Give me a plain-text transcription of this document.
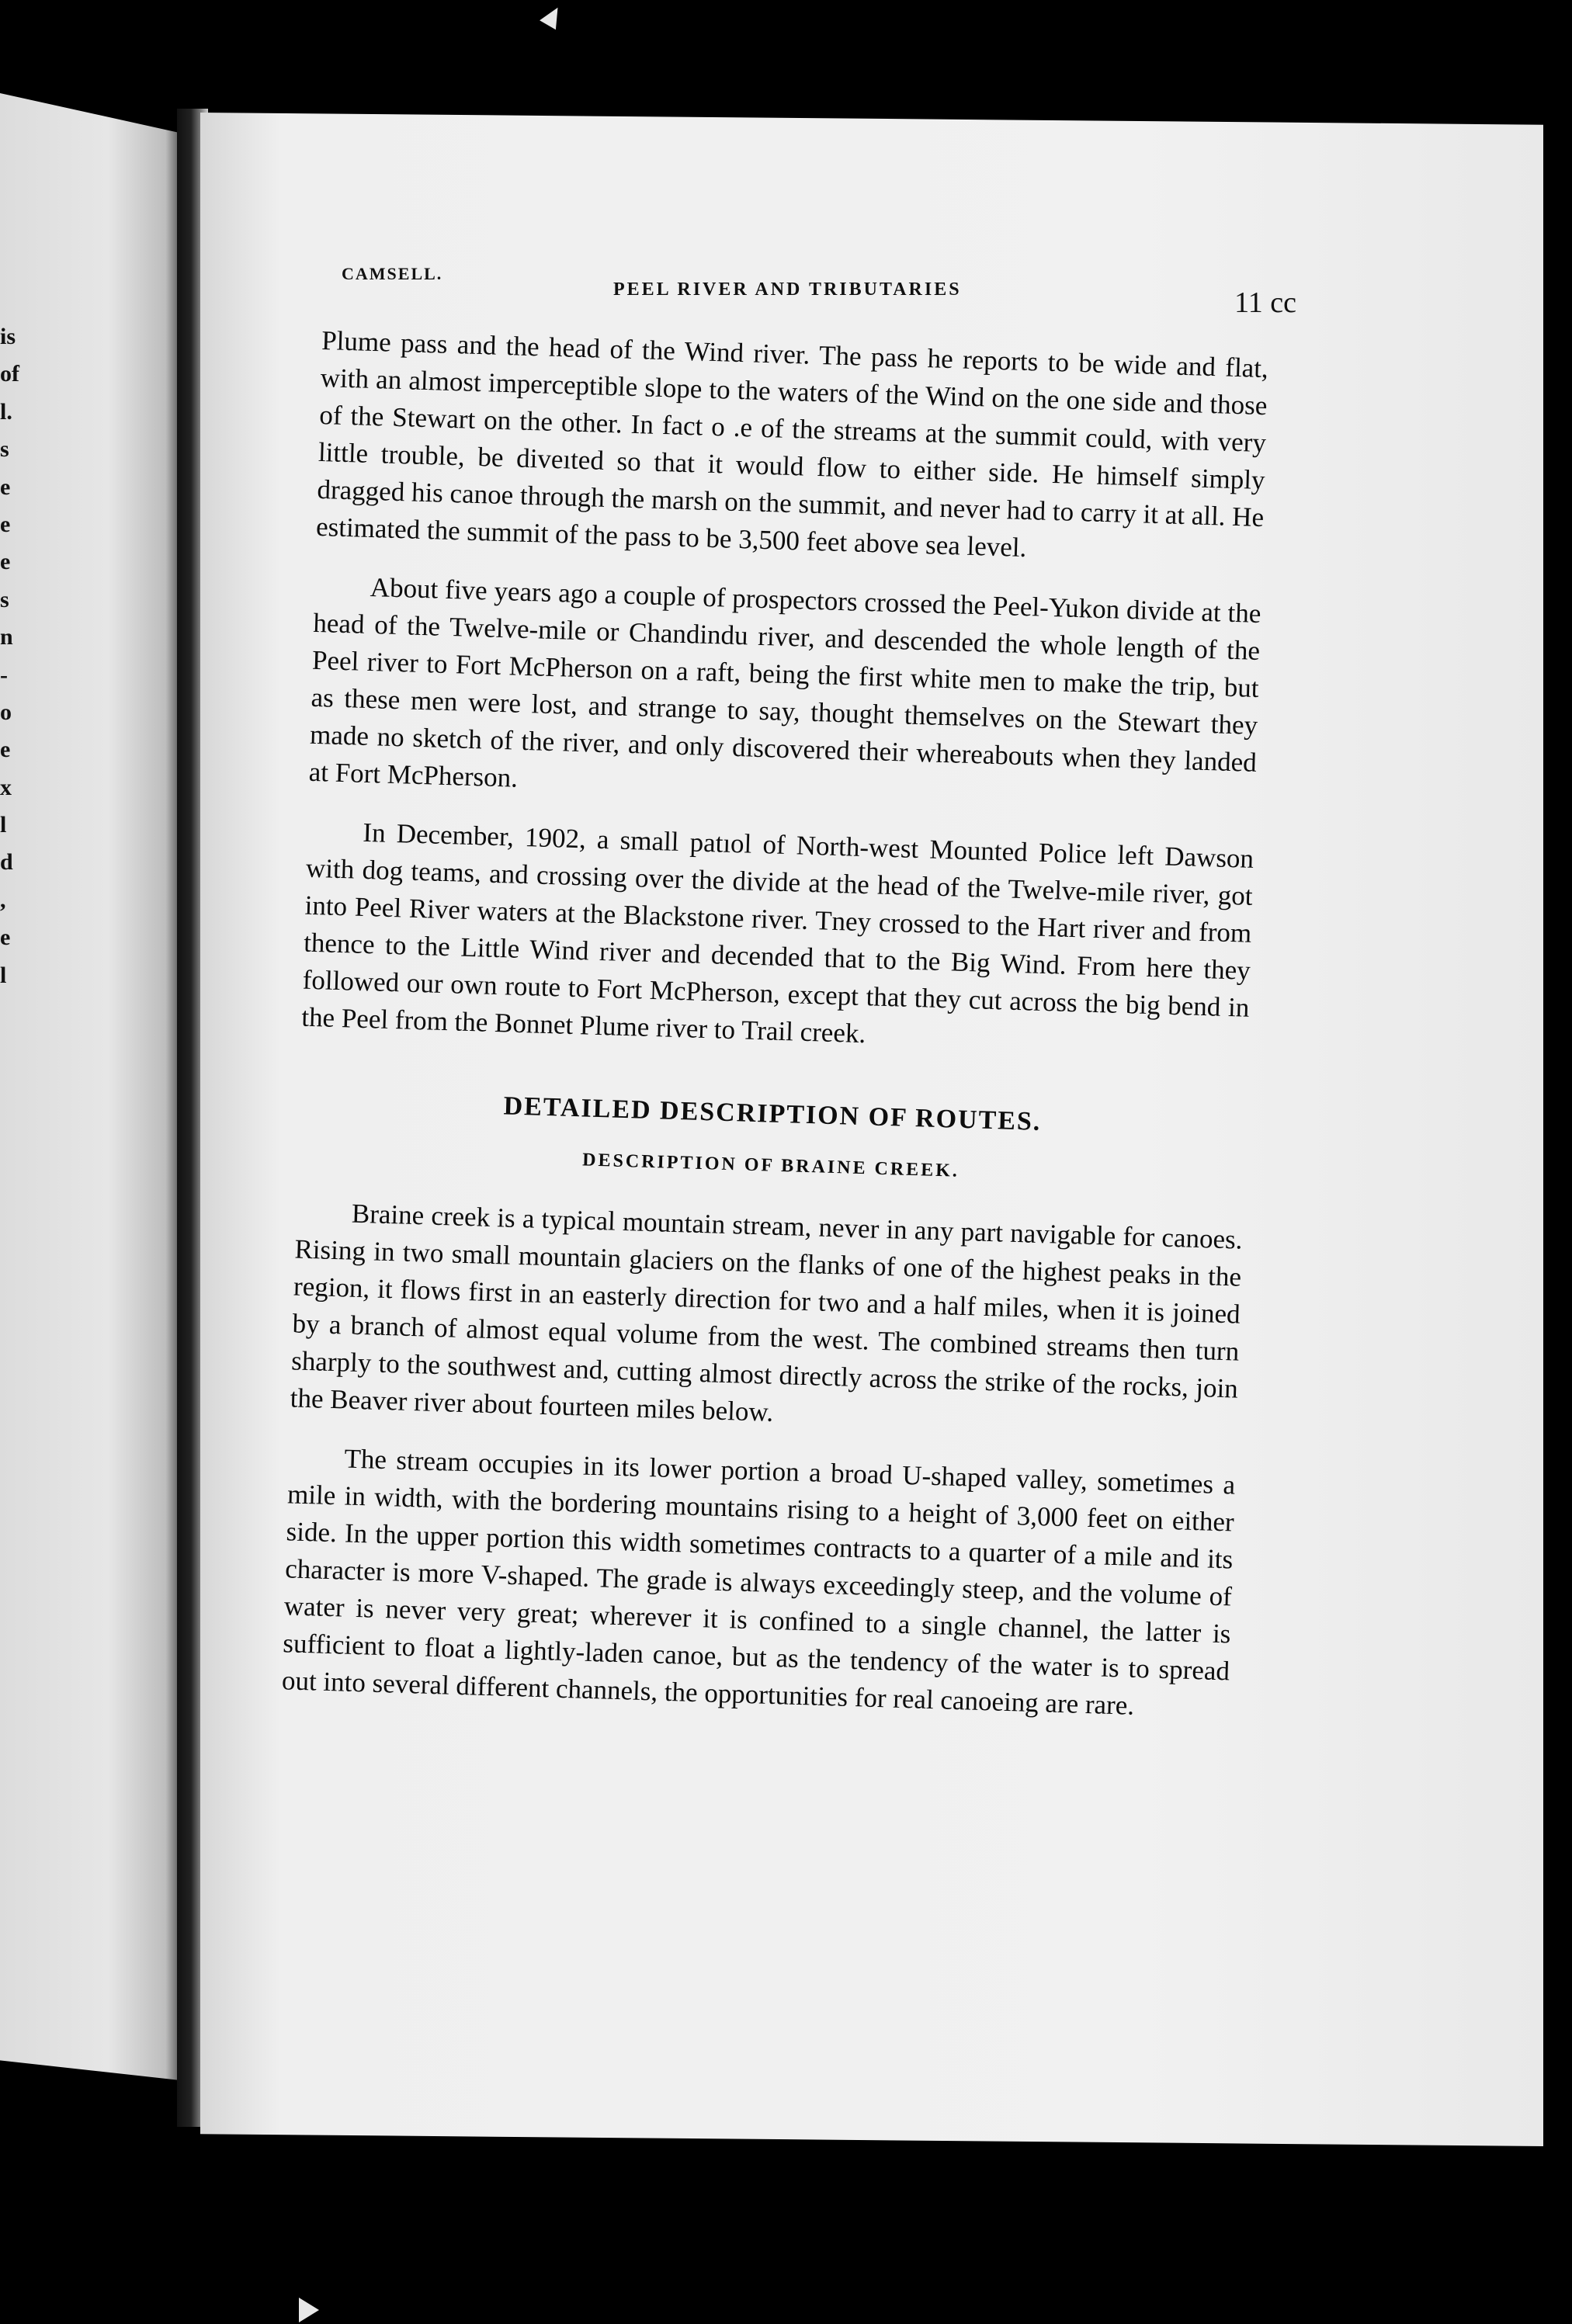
is
of
l.
s
e
e
e
s
n
-
o
e
x
l
d
,
e
l
CAMSELL.
PEEL RIVER AND TRIBUTARIES	11 cc

Plume pass and the head of the Wind river. The pass he reports to be wide and flat, with an almost imperceptible slope to the waters of the Wind on the one side and those of the Stewart on the other. In fact o .e of the streams at the summit could, with very little trouble, be diveıted so that it would flow to either side. He himself simply dragged his canoe through the marsh on the summit, and never had to carry it at all. He estimated the summit of the pass to be 3,500 feet above sea level.

About five years ago a couple of prospectors crossed the Peel-Yukon divide at the head of the Twelve-mile or Chandindu river, and descended the whole length of the Peel river to Fort McPherson on a raft, being the first white men to make the trip, but as these men were lost, and strange to say, thought themselves on the Stewart they made no sketch of the river, and only discovered their whereabouts when they landed at Fort McPherson.

In December, 1902, a small patıol of North-west Mounted Police left Dawson with dog teams, and crossing over the divide at the head of the Twelve-mile river, got into Peel River waters at the Blackstone river. Tney crossed to the Hart river and from thence to the Little Wind river and decended that to the Big Wind. From here they followed our own route to Fort McPherson, except that they cut across the big bend in the Peel from the Bonnet Plume river to Trail creek.

DETAILED DESCRIPTION OF ROUTES.
DESCRIPTION OF BRAINE CREEK.

Braine creek is a typical mountain stream, never in any part navigable for canoes. Rising in two small mountain glaciers on the flanks of one of the highest peaks in the region, it flows first in an easterly direction for two and a half miles, when it is joined by a branch of almost equal volume from the west. The combined streams then turn sharply to the southwest and, cutting almost directly across the strike of the rocks, join the Beaver river about fourteen miles below.

The stream occupies in its lower portion a broad U-shaped valley, sometimes a mile in width, with the bordering mountains rising to a height of 3,000 feet on either side. In the upper portion this width sometimes contracts to a quarter of a mile and its character is more V-shaped. The grade is always exceedingly steep, and the volume of water is never very great; wherever it is confined to a single channel, the latter is sufficient to float a lightly-laden canoe, but as the tendency of the water is to spread out into several different channels, the opportunities for real canoeing are rare.
